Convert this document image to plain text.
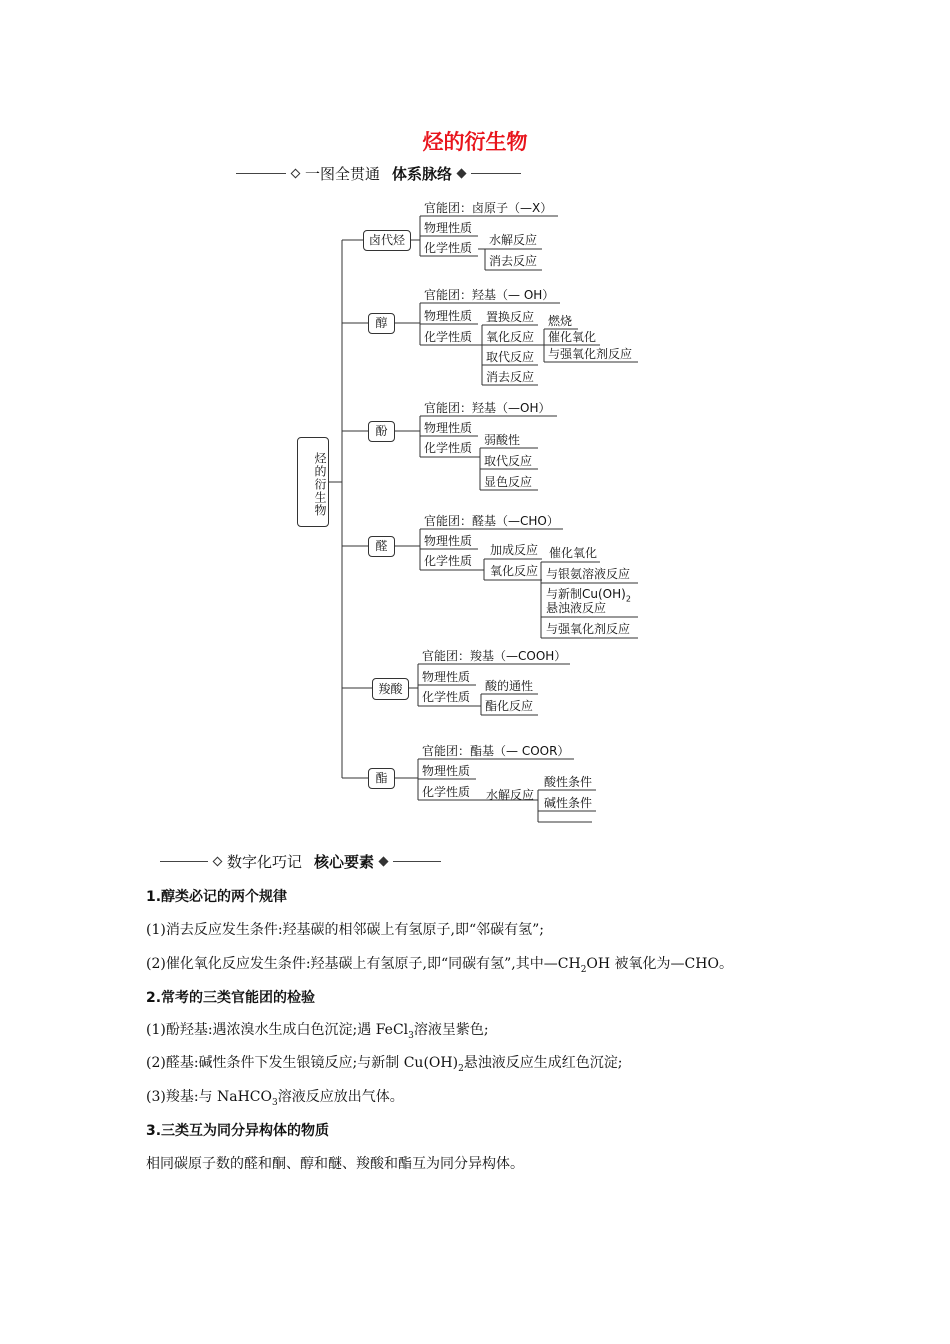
烃的衍生物
一图全贯通 体系脉络
烃的衍生物
卤代烃
官能团：卤原子（—X）
物理性质
化学性质
水解反应
消去反应
醇
官能团：羟基（— OH）
物理性质
化学性质
置换反应
氧化反应
取代反应
消去反应
燃烧
催化氧化
与强氧化剂反应
酚
官能团：羟基（—OH）
物理性质
化学性质
弱酸性
取代反应
显色反应
醛
官能团：醛基（—CHO）
物理性质
化学性质
加成反应
氧化反应
催化氧化
与银氨溶液反应
与新制$Cu(OH)_2$
悬浊液反应
与强氧化剂反应
羧酸
官能团：羧基（—COOH）
物理性质
化学性质
酸的通性
酯化反应
酯
官能团：酯基（— COOR）
物理性质
化学性质 水解反应
酸性条件
碱性条件
数字化巧记 核心要素
1.醇类必记的两个规律
(1)消去反应发生条件:羟基碳的相邻碳上有氢原子,即“邻碳有氢”;
(2)催化氧化反应发生条件:羟基碳上有氢原子,即“同碳有氢”,其中$—CH_2OH$ 被氧化为—CHO。
2.常考的三类官能团的检验
(1)酚羟基:遇浓溴水生成白色沉淀;遇 FeCl$_3$溶液呈紫色;
(2)醛基:碱性条件下发生银镜反应;与新制 $Cu(OH)_2$悬浊液反应生成红色沉淀;
(3)羧基:与 NaHCO$_3$溶液反应放出气体。
3.三类互为同分异构体的物质
相同碳原子数的醛和酮、醇和醚、羧酸和酯互为同分异构体。
